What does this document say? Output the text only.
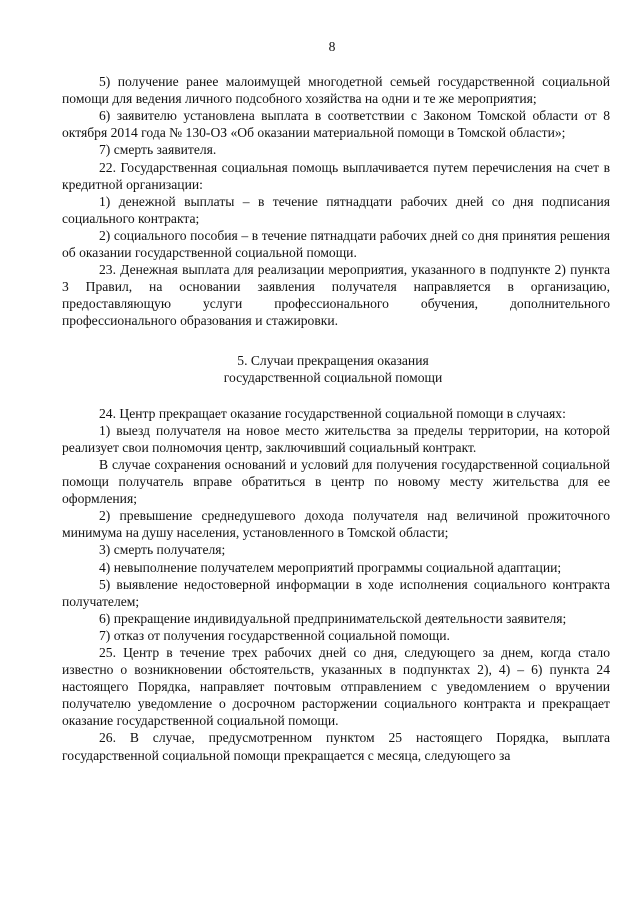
8

5) получение ранее малоимущей многодетной семьей государственной социальной помощи для ведения личного подсобного хозяйства на одни и те же мероприятия;

6) заявителю установлена выплата в соответствии с Законом Томской области от 8 октября 2014 года № 130-ОЗ «Об оказании материальной помощи в Томской области»;

7) смерть заявителя.

22. Государственная социальная помощь выплачивается путем перечисления на счет в кредитной организации:

1) денежной выплаты – в течение пятнадцати рабочих дней со дня подписания социального контракта;

2) социального пособия – в течение пятнадцати рабочих дней со дня принятия решения об оказании государственной социальной помощи.

23. Денежная выплата для реализации мероприятия, указанного в подпункте 2) пункта 3 Правил, на основании заявления получателя направляется в организацию, предоставляющую услуги профессионального обучения, дополнительного профессионального образования и стажировки.

5. Случаи прекращения оказания
государственной социальной помощи

24. Центр прекращает оказание государственной социальной помощи в случаях:

1) выезд получателя на новое место жительства за пределы территории, на которой реализует свои полномочия центр, заключивший социальный контракт.

В случае сохранения оснований и условий для получения государственной социальной помощи получатель вправе обратиться в центр по новому месту жительства для ее оформления;

2) превышение среднедушевого дохода получателя над величиной прожиточного минимума на душу населения, установленного в Томской области;

3) смерть получателя;

4) невыполнение получателем мероприятий программы социальной адаптации;

5) выявление недостоверной информации в ходе исполнения социального контракта получателем;

6) прекращение индивидуальной предпринимательской деятельности заявителя;

7) отказ от получения государственной социальной помощи.

25. Центр в течение трех рабочих дней со дня, следующего за днем, когда стало известно о возникновении обстоятельств, указанных в подпунктах 2), 4) – 6) пункта 24 настоящего Порядка, направляет почтовым отправлением с уведомлением о вручении получателю уведомление о досрочном расторжении социального контракта и прекращает оказание государственной социальной помощи.

26. В случае, предусмотренном пунктом 25 настоящего Порядка, выплата государственной социальной помощи прекращается с месяца, следующего за
